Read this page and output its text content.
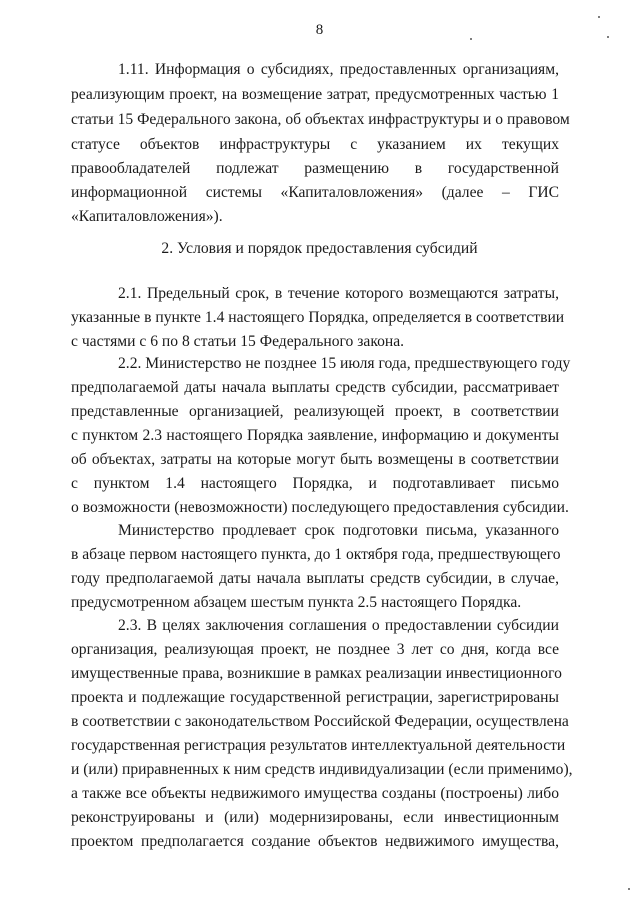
8
1.11. Информация о субсидиях, предоставленных организациям,
реализующим проект, на возмещение затрат, предусмотренных частью 1
статьи 15 Федерального закона, об объектах инфраструктуры и о правовом
статусе объектов инфраструктуры с указанием их текущих
правообладателей подлежат размещению в государственной
информационной системы «Капиталовложения» (далее – ГИС
«Капиталовложения»).
2. Условия и порядок предоставления субсидий
2.1. Предельный срок, в течение которого возмещаются затраты,
указанные в пункте 1.4 настоящего Порядка, определяется в соответствии
с частями с 6 по 8 статьи 15 Федерального закона.
2.2. Министерство не позднее 15 июля года, предшествующего году
предполагаемой даты начала выплаты средств субсидии, рассматривает
представленные организацией, реализующей проект, в соответствии
с пунктом 2.3 настоящего Порядка заявление, информацию и документы
об объектах, затраты на которые могут быть возмещены в соответствии
с пунктом 1.4 настоящего Порядка, и подготавливает письмо
о возможности (невозможности) последующего предоставления субсидии.
Министерство продлевает срок подготовки письма, указанного
в абзаце первом настоящего пункта, до 1 октября года, предшествующего
году предполагаемой даты начала выплаты средств субсидии, в случае,
предусмотренном абзацем шестым пункта 2.5 настоящего Порядка.
2.3. В целях заключения соглашения о предоставлении субсидии
организация, реализующая проект, не позднее 3 лет со дня, когда все
имущественные права, возникшие в рамках реализации инвестиционного
проекта и подлежащие государственной регистрации, зарегистрированы
в соответствии с законодательством Российской Федерации, осуществлена
государственная регистрация результатов интеллектуальной деятельности
и (или) приравненных к ним средств индивидуализации (если применимо),
а также все объекты недвижимого имущества созданы (построены) либо
реконструированы и (или) модернизированы, если инвестиционным
проектом предполагается создание объектов недвижимого имущества,
